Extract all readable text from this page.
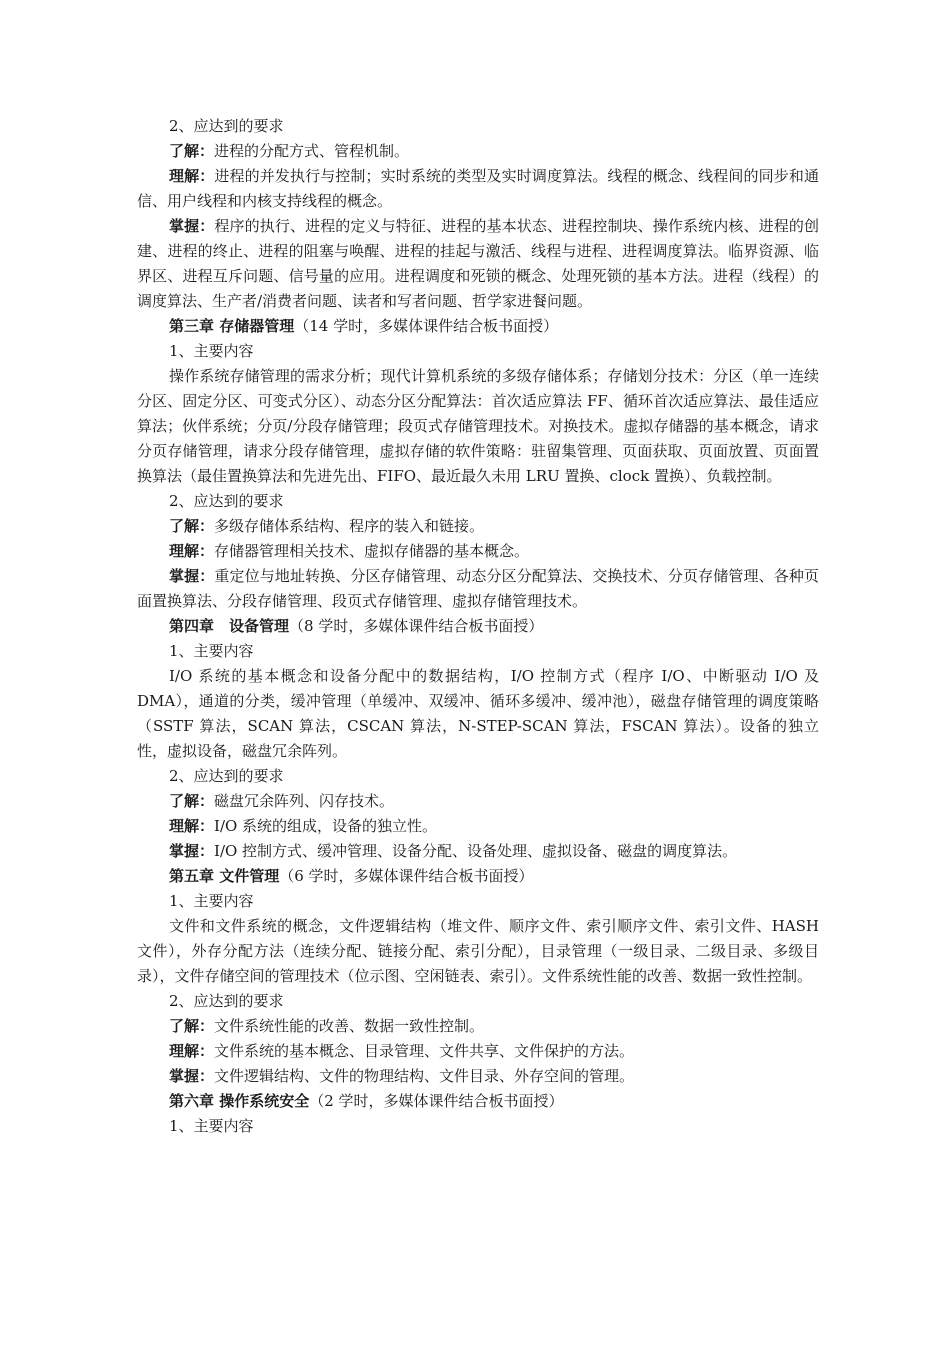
2、应达到的要求

了解：进程的分配方式、管程机制。

理解：进程的并发执行与控制；实时系统的类型及实时调度算法。线程的概念、线程间的同步和通信、用户线程和内核支持线程的概念。

掌握：程序的执行、进程的定义与特征、进程的基本状态、进程控制块、操作系统内核、进程的创建、进程的终止、进程的阻塞与唤醒、进程的挂起与激活、线程与进程、进程调度算法。临界资源、临界区、进程互斥问题、信号量的应用。进程调度和死锁的概念、处理死锁的基本方法。进程（线程）的调度算法、生产者/消费者问题、读者和写者问题、哲学家进餐问题。

第三章 存储器管理（14 学时，多媒体课件结合板书面授）

1、主要内容

操作系统存储管理的需求分析；现代计算机系统的多级存储体系；存储划分技术：分区（单一连续分区、固定分区、可变式分区）、动态分区分配算法：首次适应算法 FF、循环首次适应算法、最佳适应算法；伙伴系统；分页/分段存储管理；段页式存储管理技术。对换技术。虚拟存储器的基本概念，请求分页存储管理，请求分段存储管理，虚拟存储的软件策略：驻留集管理、页面获取、页面放置、页面置换算法（最佳置换算法和先进先出、FIFO、最近最久未用 LRU 置换、clock 置换）、负载控制。

2、应达到的要求

了解：多级存储体系结构、程序的装入和链接。

理解：存储器管理相关技术、虚拟存储器的基本概念。

掌握：重定位与地址转换、分区存储管理、动态分区分配算法、交换技术、分页存储管理、各种页面置换算法、分段存储管理、段页式存储管理、虚拟存储管理技术。

第四章　设备管理（8 学时，多媒体课件结合板书面授）

1、主要内容

I/O 系统的基本概念和设备分配中的数据结构，I/O 控制方式（程序 I/O、中断驱动 I/O 及 DMA），通道的分类，缓冲管理（单缓冲、双缓冲、循环多缓冲、缓冲池），磁盘存储管理的调度策略（SSTF 算法，SCAN 算法，CSCAN 算法，N-STEP-SCAN 算法，FSCAN 算法）。设备的独立性，虚拟设备，磁盘冗余阵列。

2、应达到的要求

了解：磁盘冗余阵列、闪存技术。

理解：I/O 系统的组成，设备的独立性。

掌握：I/O 控制方式、缓冲管理、设备分配、设备处理、虚拟设备、磁盘的调度算法。

第五章 文件管理（6 学时，多媒体课件结合板书面授）

1、主要内容

文件和文件系统的概念，文件逻辑结构（堆文件、顺序文件、索引顺序文件、索引文件、HASH 文件），外存分配方法（连续分配、链接分配、索引分配），目录管理（一级目录、二级目录、多级目录），文件存储空间的管理技术（位示图、空闲链表、索引）。文件系统性能的改善、数据一致性控制。

2、应达到的要求

了解：文件系统性能的改善、数据一致性控制。

理解：文件系统的基本概念、目录管理、文件共享、文件保护的方法。

掌握：文件逻辑结构、文件的物理结构、文件目录、外存空间的管理。

第六章 操作系统安全（2 学时，多媒体课件结合板书面授）

1、主要内容
